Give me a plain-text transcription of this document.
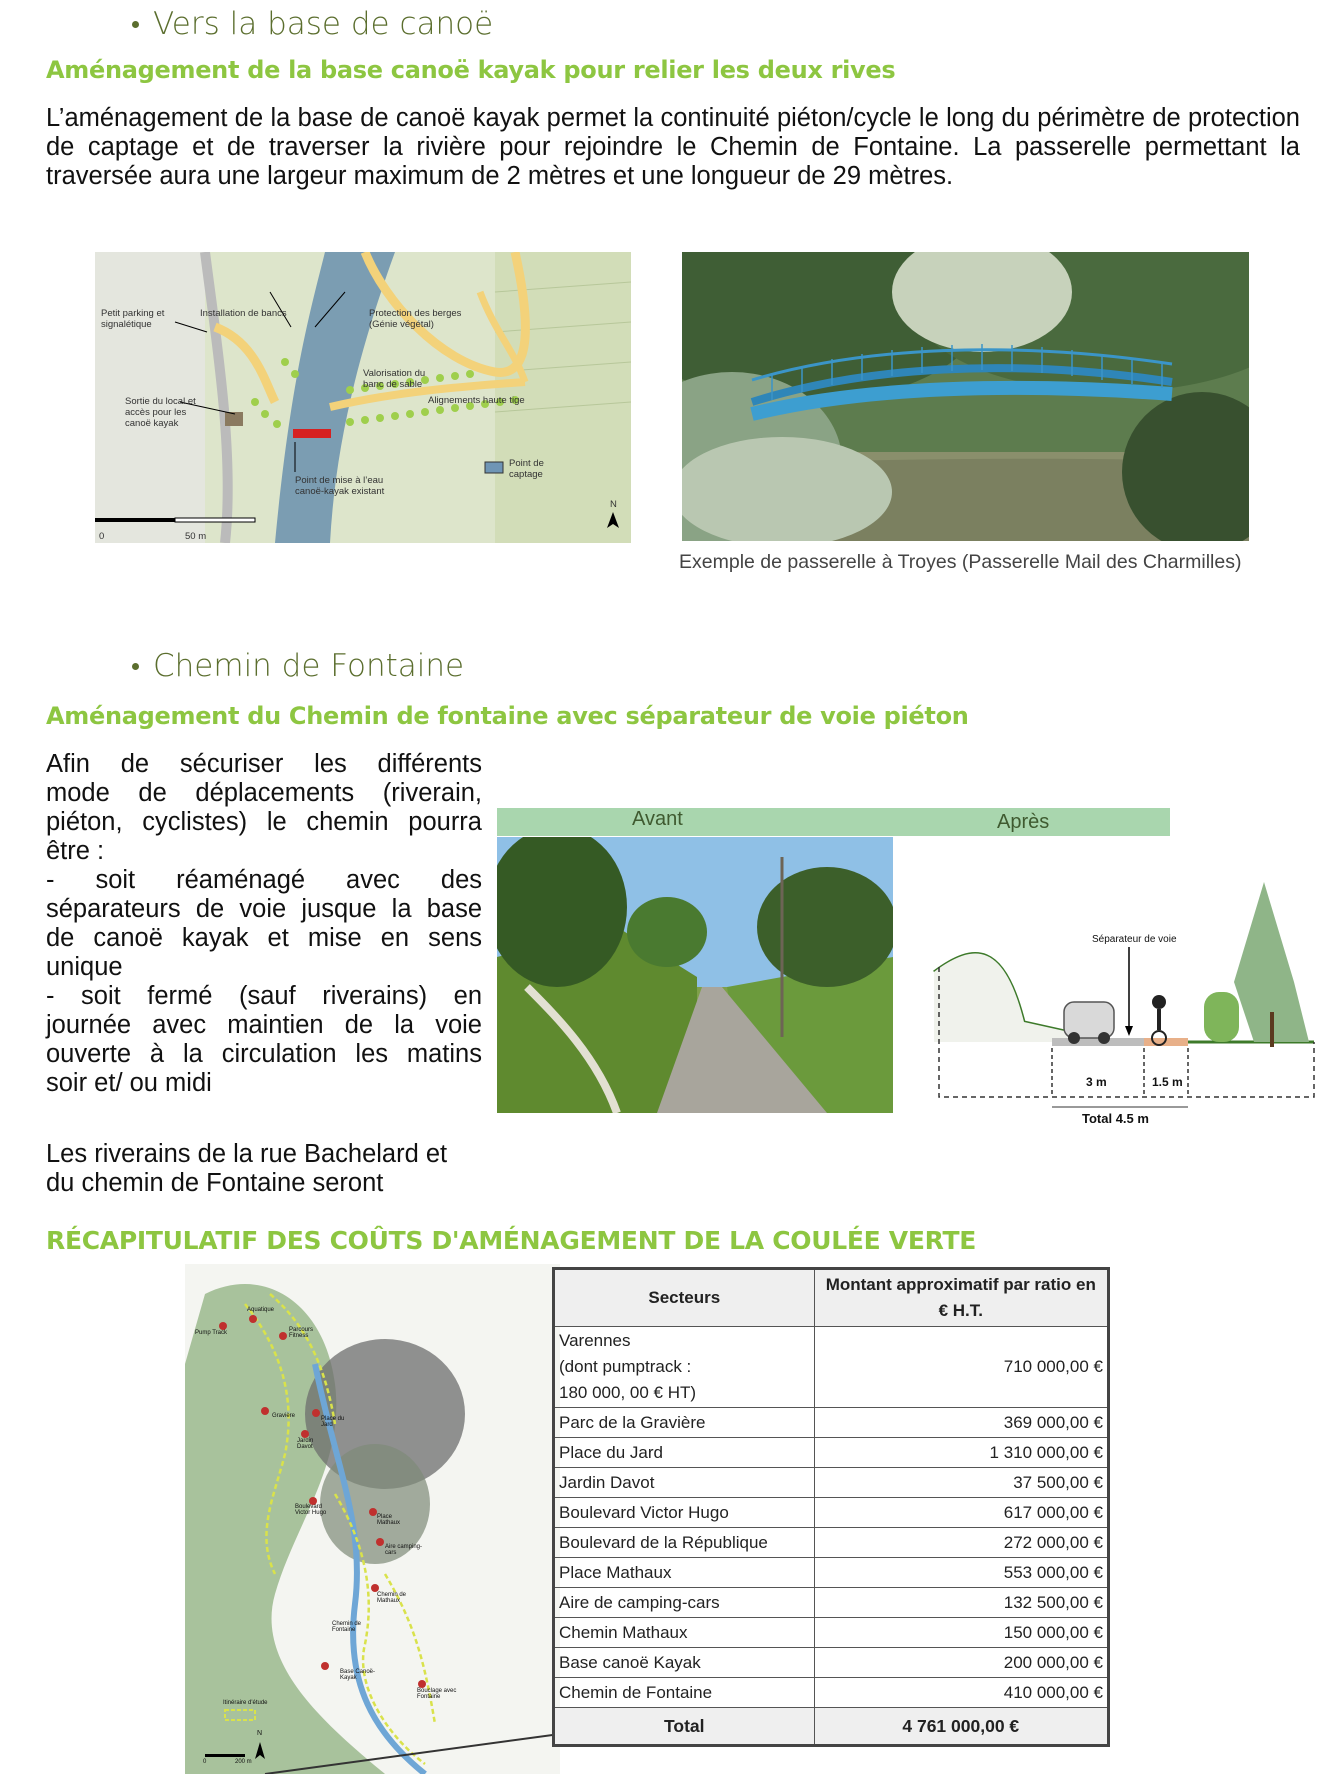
Vers la base de canoë
Aménagement de la base canoë kayak pour relier les deux rives
L’aménagement de la base de canoë kayak permet la continuité piéton/cycle le long du périmètre de protection de captage et de traverser la rivière pour rejoindre le Chemin de Fontaine. La passerelle permettant la traversée aura une largeur maximum de 2 mètres et une longueur de 29 mètres.
Petit parking et signalétique
Installation de bancs	Protection des berges (Génie végétal)
Valorisation du banc de sable
Sortie du local et accès pour les canoë kayak
Alignements haute tige
Point de captage
Point de mise à l’eau canoë-kayak existant
0	50 m
N
Exemple de passerelle à Troyes (Passerelle Mail des Charmilles)
Chemin de Fontaine
Aménagement du Chemin de fontaine avec séparateur de voie piéton
Afin de sécuriser les différents
mode de déplacements (riverain,
piéton, cyclistes) le chemin pourra
être :
- soit réaménagé avec des
séparateurs de voie jusque la base
de canoë kayak et mise en sens
unique
- soit fermé (sauf riverains) en
journée avec maintien de la voie
ouverte à la circulation les matins
soir et/ ou midi
Les riverains de la rue Bachelard et
du chemin de Fontaine seront
Avant	Après
Séparateur de voie
3 m	1.5 m
Total 4.5 m
RÉCAPITULATIF DES COÛTS D'AMÉNAGEMENT DE LA COULÉE VERTE
Pump Track
Aquatique
Parcours Fitness
Gravière	Place du Jard
Jardin Davot
Boulevard Victor Hugo
Place Mathaux
Aire camping-cars
Chemin de Mathaux
Chemin de Fontaine
Base Canoë-Kayak
Bouclage avec Fontaine
Itinéraire d'étude
0	200 m
N
Secteurs	Montant approximatif par ratio en € H.T.

Varennes
(dont pumptrack :
180 000, 00 € HT)	710 000,00 €
Parc de la Gravière	369 000,00 €
Place du Jard	1 310 000,00 €
Jardin Davot	37 500,00 €
Boulevard Victor Hugo	617 000,00 €
Boulevard de la République	272 000,00 €
Place Mathaux	553 000,00 €
Aire de camping-cars	132 500,00 €
Chemin Mathaux	150 000,00 €
Base canoë Kayak	200 000,00 €
Chemin de Fontaine	410 000,00 €
Total	4 761 000,00 €
